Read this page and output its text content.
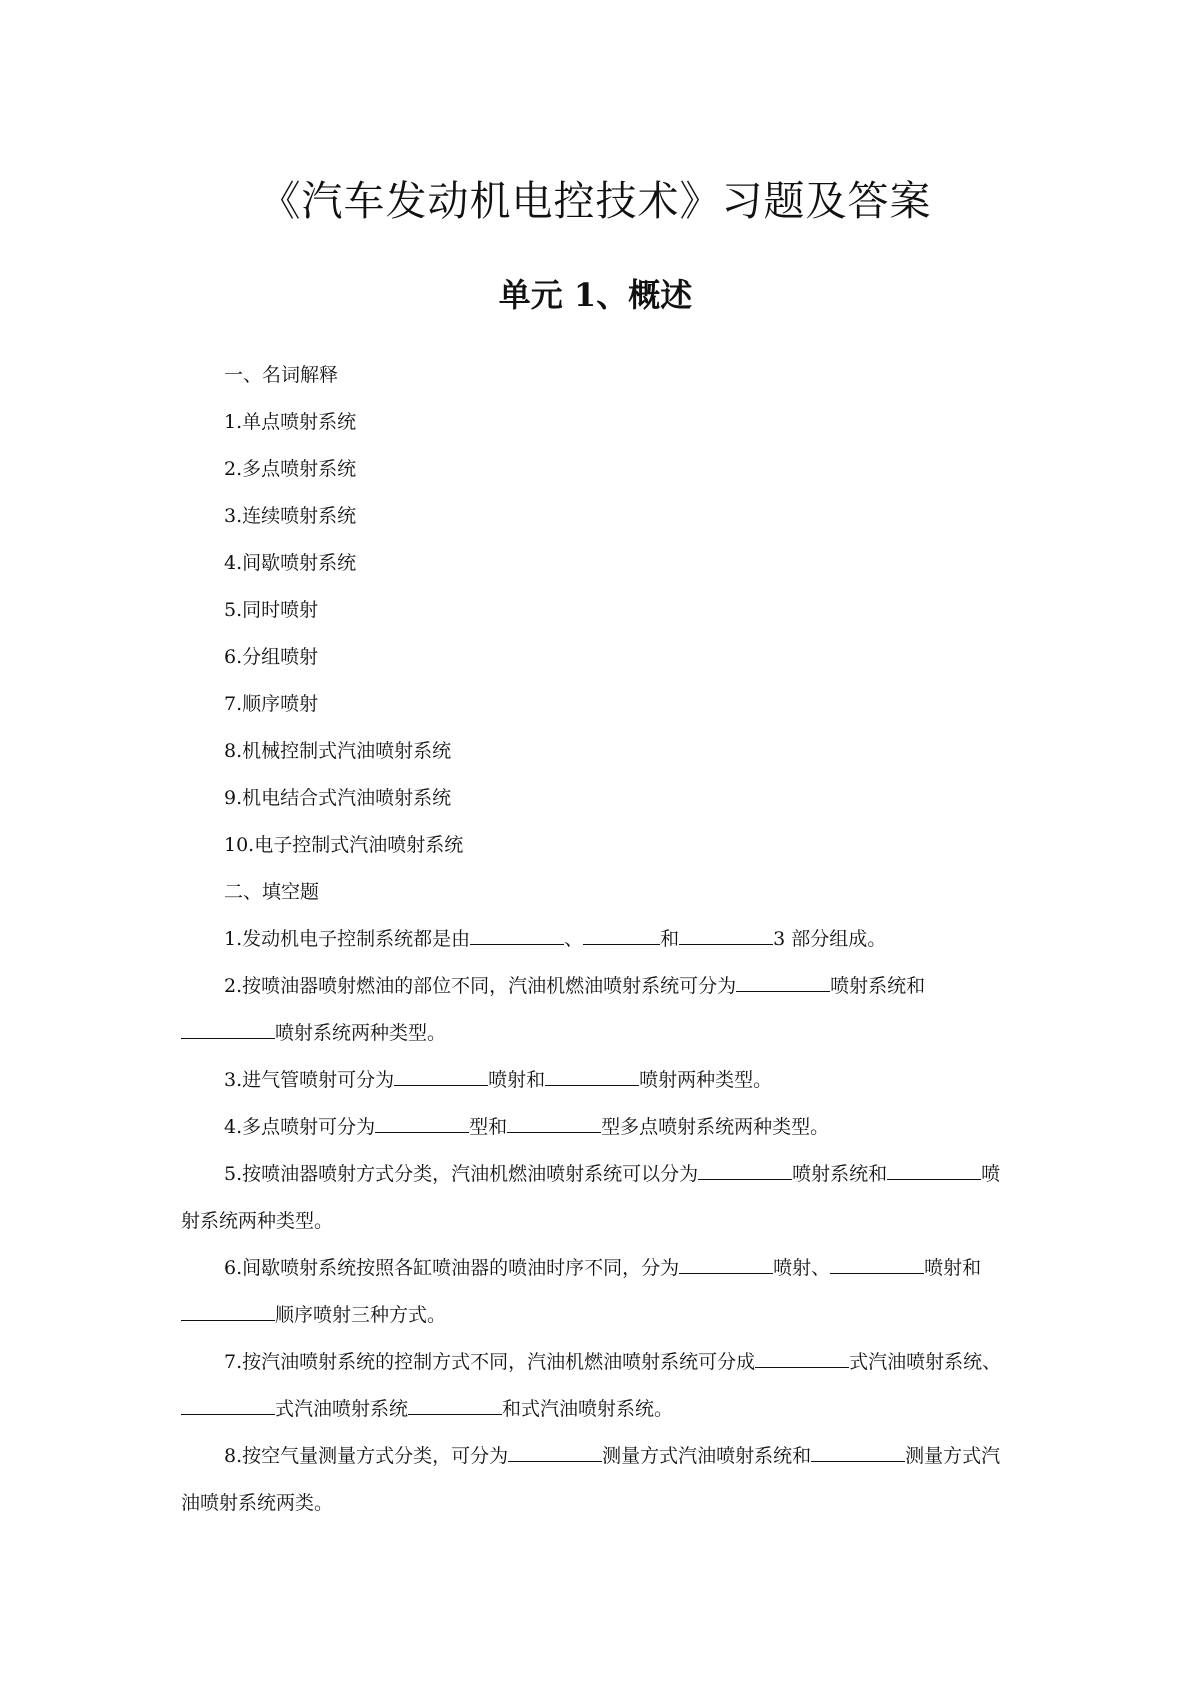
《汽车发动机电控技术》习题及答案
单元 1、概述
一、名词解释
1.单点喷射系统
2.多点喷射系统
3.连续喷射系统
4.间歇喷射系统
5.同时喷射
6.分组喷射
7.顺序喷射
8.机械控制式汽油喷射系统
9.机电结合式汽油喷射系统
10.电子控制式汽油喷射系统
二、填空题
1.发动机电子控制系统都是由	、	和	3 部分组成。
2.按喷油器喷射燃油的部位不同，汽油机燃油喷射系统可分为	喷射系统和喷射系统两种类型。
3.进气管喷射可分为	喷射和	喷射两种类型。
4.多点喷射可分为	型和	型多点喷射系统两种类型。
5.按喷油器喷射方式分类，汽油机燃油喷射系统可以分为	喷射系统和	喷射系统两种类型。
6.间歇喷射系统按照各缸喷油器的喷油时序不同，分为	喷射、	喷射和顺序喷射三种方式。
7.按汽油喷射系统的控制方式不同，汽油机燃油喷射系统可分成	式汽油喷射系统、式汽油喷射系统	和式汽油喷射系统。
8.按空气量测量方式分类，可分为	测量方式汽油喷射系统和	测量方式汽油喷射系统两类。
